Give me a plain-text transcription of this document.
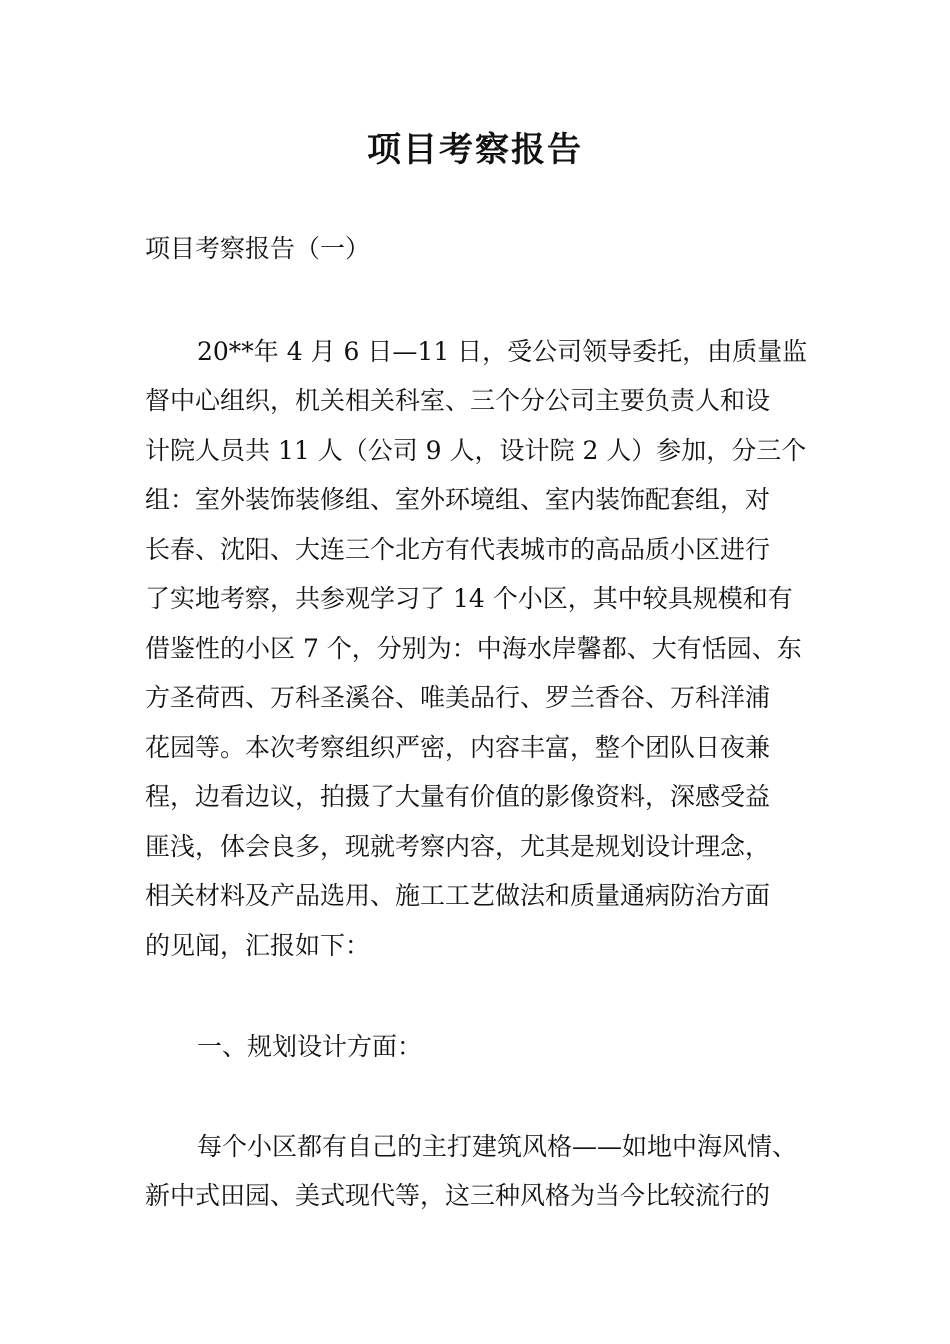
项目考察报告

项目考察报告（一）

20**年 4 月 6 日—11 日，受公司领导委托，由质量监

督中心组织，机关相关科室、三个分公司主要负责人和设

计院人员共 11 人（公司 9 人，设计院 2 人）参加，分三个

组：室外装饰装修组、室外环境组、室内装饰配套组，对

长春、沈阳、大连三个北方有代表城市的高品质小区进行

了实地考察，共参观学习了 14 个小区，其中较具规模和有

借鉴性的小区 7 个，分别为：中海水岸馨都、大有恬园、东

方圣荷西、万科圣溪谷、唯美品行、罗兰香谷、万科洋浦

花园等。本次考察组织严密，内容丰富，整个团队日夜兼

程，边看边议，拍摄了大量有价值的影像资料，深感受益

匪浅，体会良多，现就考察内容，尤其是规划设计理念，

相关材料及产品选用、施工工艺做法和质量通病防治方面

的见闻，汇报如下：

一、规划设计方面：

每个小区都有自己的主打建筑风格——如地中海风情、

新中式田园、美式现代等，这三种风格为当今比较流行的
